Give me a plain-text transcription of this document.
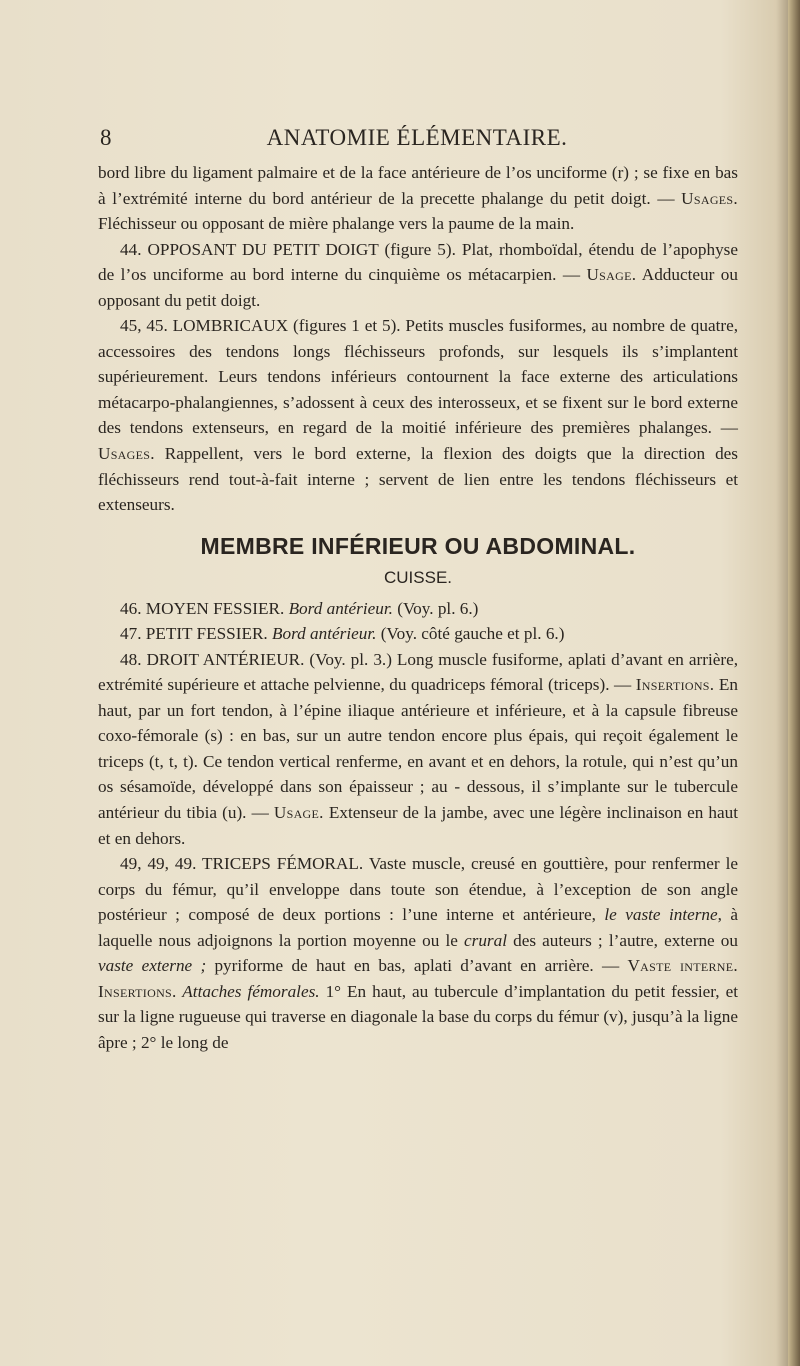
8	ANATOMIE ÉLÉMENTAIRE.

bord libre du ligament palmaire et de la face antérieure de l’os unciforme (r) ; se fixe en bas à l’extrémité interne du bord antérieur de la precette phalange du petit doigt. — Usages. Fléchisseur ou opposant de mière phalange vers la paume de la main.

44. OPPOSANT DU PETIT DOIGT (figure 5). Plat, rhomboïdal, étendu de l’apophyse de l’os unciforme au bord interne du cinquième os métacarpien. — Usage. Adducteur ou opposant du petit doigt.

45, 45. LOMBRICAUX (figures 1 et 5). Petits muscles fusiformes, au nombre de quatre, accessoires des tendons longs fléchisseurs profonds, sur lesquels ils s’implantent supérieurement. Leurs tendons inférieurs contournent la face externe des articulations métacarpo-phalangiennes, s’adossent à ceux des interosseux, et se fixent sur le bord externe des tendons extenseurs, en regard de la moitié inférieure des premières phalanges. — Usages. Rappellent, vers le bord externe, la flexion des doigts que la direction des fléchisseurs rend tout-à-fait interne ; servent de lien entre les tendons fléchisseurs et extenseurs.

MEMBRE INFÉRIEUR OU ABDOMINAL.
CUISSE.

46. MOYEN FESSIER. Bord antérieur. (Voy. pl. 6.)

47. PETIT FESSIER. Bord antérieur. (Voy. côté gauche et pl. 6.)

48. DROIT ANTÉRIEUR. (Voy. pl. 3.) Long muscle fusiforme, aplati d’avant en arrière, extrémité supérieure et attache pelvienne, du quadriceps fémoral (triceps). — Insertions. En haut, par un fort tendon, à l’épine iliaque antérieure et inférieure, et à la capsule fibreuse coxo-fémorale (s) : en bas, sur un autre tendon encore plus épais, qui reçoit également le triceps (t, t, t). Ce tendon vertical renferme, en avant et en dehors, la rotule, qui n’est qu’un os sésamoïde, développé dans son épaisseur ; au - dessous, il s’implante sur le tubercule antérieur du tibia (u). — Usage. Extenseur de la jambe, avec une légère inclinaison en haut et en dehors.

49, 49, 49. TRICEPS FÉMORAL. Vaste muscle, creusé en gouttière, pour renfermer le corps du fémur, qu’il enveloppe dans toute son étendue, à l’exception de son angle postérieur ; composé de deux portions : l’une interne et antérieure, le vaste interne, à laquelle nous adjoignons la portion moyenne ou le crural des auteurs ; l’autre, externe ou vaste externe ; pyriforme de haut en bas, aplati d’avant en arrière. — Vaste interne. Insertions. Attaches fémorales. 1° En haut, au tubercule d’implantation du petit fessier, et sur la ligne rugueuse qui traverse en diagonale la base du corps du fémur (v), jusqu’à la ligne âpre ; 2° le long de
